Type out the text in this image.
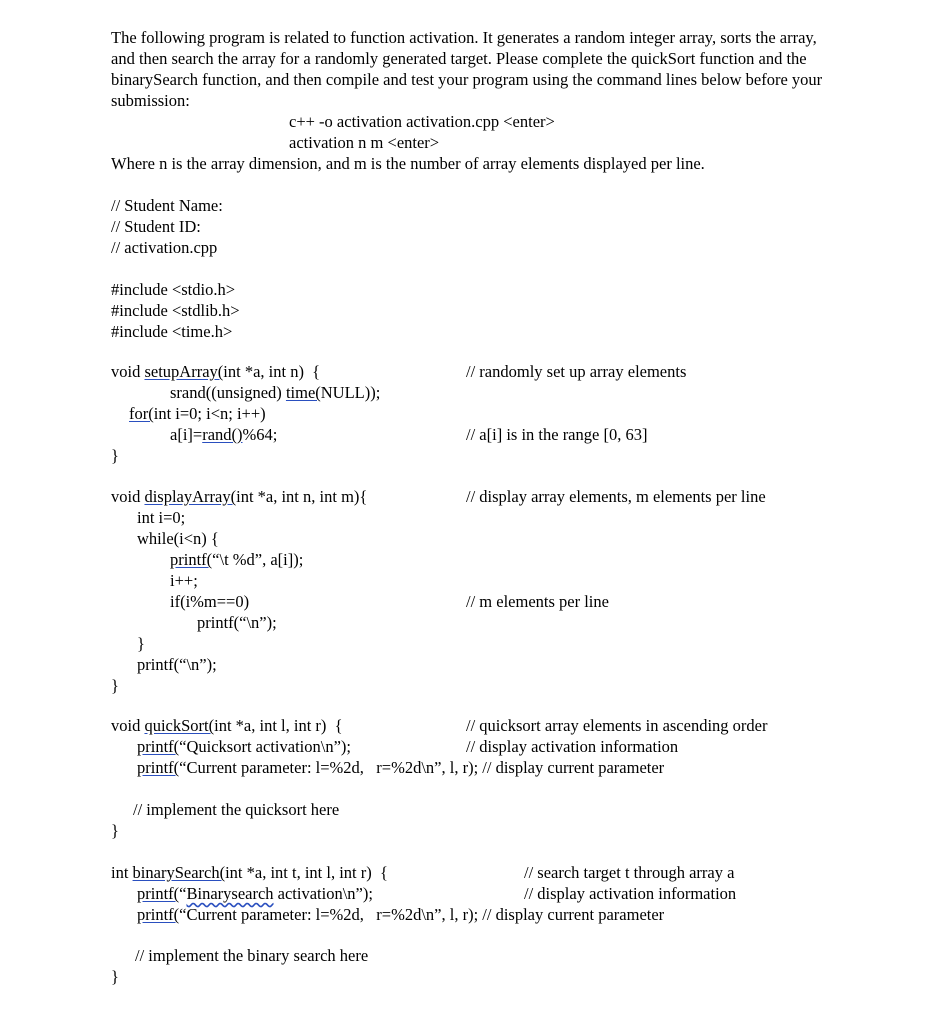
The following program is related to function activation. It generates a random integer array, sorts the array, and then search the array for a randomly generated target. Please complete the quickSort function and the binarySearch function, and then compile and test your program using the command lines below before your submission:
c++ -o activation activation.cpp <enter>
activation n m <enter>
Where n is the array dimension, and m is the number of array elements displayed per line.
// Student Name:
// Student ID:
// activation.cpp
#include <stdio.h>
#include <stdlib.h>
#include <time.h>
void setupArray(int *a, int n)  {	// randomly set up array elements
srand((unsigned) time(NULL));
for(int i=0; i<n; i++)
a[i]=rand()%64;	// a[i] is in the range [0, 63]
}
void displayArray(int *a, int n, int m){	// display array elements, m elements per line
int i=0;
while(i<n) {
printf(“\t %d”, a[i]);
i++;
if(i%m==0)	// m elements per line
printf(“\n”);
}
printf(“\n”);
}
void quickSort(int *a, int l, int r)  {	// quicksort array elements in ascending order
printf(“Quicksort activation\n”);	// display activation information
printf(“Current parameter: l=%2d,   r=%2d\n”, l, r); // display current parameter
// implement the quicksort here
}
int binarySearch(int *a, int t, int l, int r)  {	// search target t through array a
printf(“Binarysearch activation\n”);	// display activation information
printf(“Current parameter: l=%2d,   r=%2d\n”, l, r); // display current parameter
// implement the binary search here
}
